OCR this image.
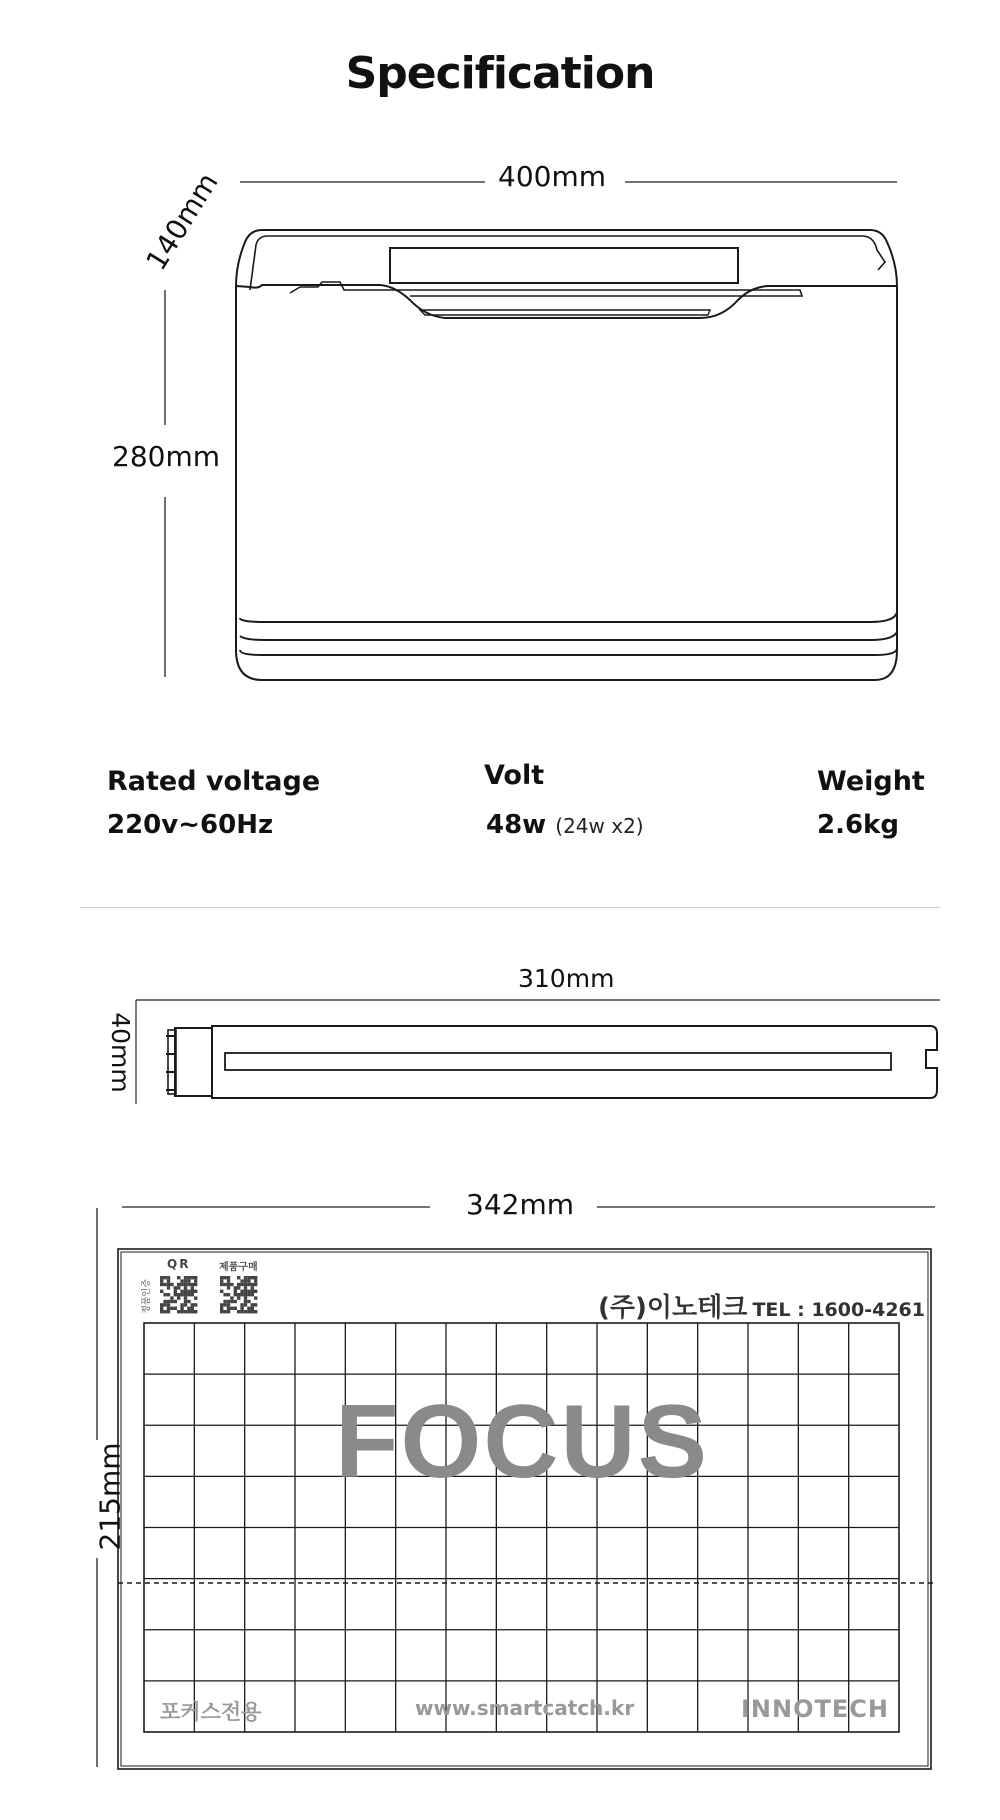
Specification
400mm
140mm
280mm
Rated voltage
220v~60Hz
Volt
48w (24w x2)
Weight
2.6kg
310mm
40mm
342mm
215mm
QR
정품인증
제품구매
(주)이노테크 TEL : 1600-4261
FOCUS
포커스전용	www.smartcatch.kr	INNOTECH
